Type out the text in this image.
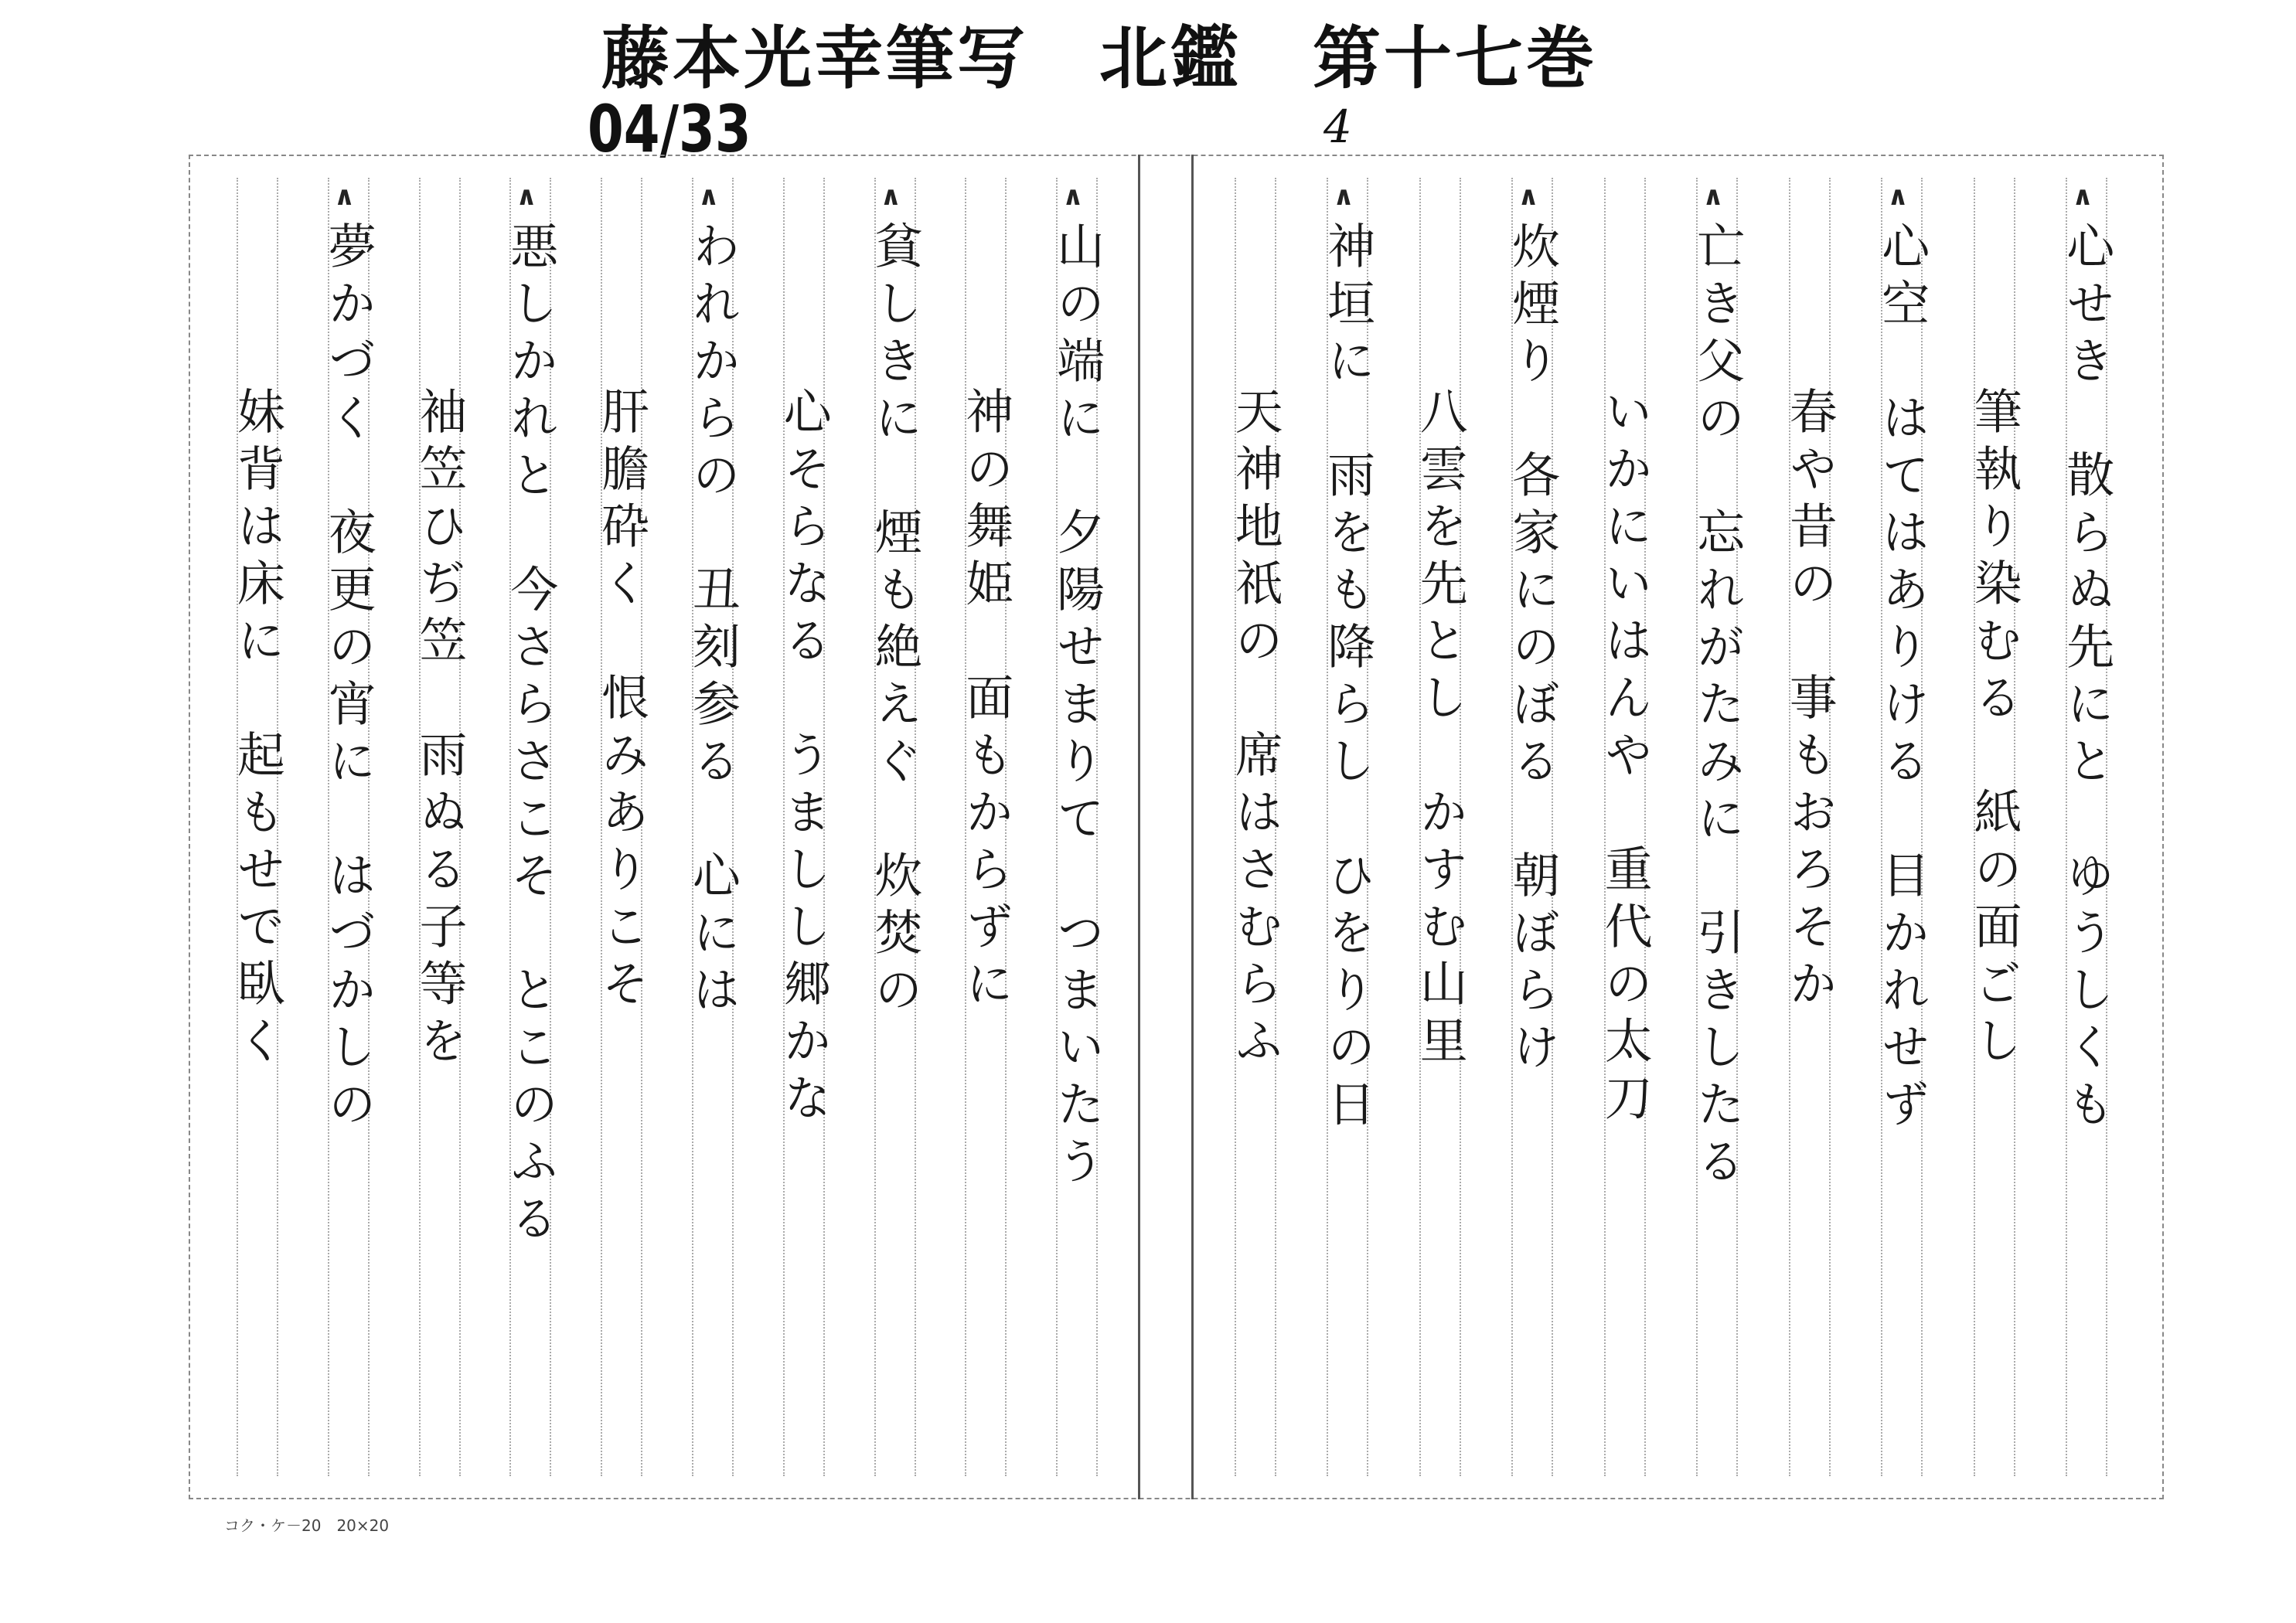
藤本光幸筆写　北鑑　第十七巻
04/33	4
∧
心せき　散らぬ先にと　ゆうしくも
筆執り染むる　紙の面ごし
∧
心空　はてはありける　目かれせず
春や昔の　事もおろそか
∧
亡き父の　忘れがたみに　引きしたる
いかにいはんや　重代の太刀
∧
炊煙り　各家にのぼる　朝ぼらけ
八雲を先とし　かすむ山里
∧
神垣に　雨をも降らし　ひをりの日
天神地祇の　席はさむらふ
∧
山の端に　夕陽せまりて　つまいたう
神の舞姫　面もからずに
∧
貧しきに　煙も絶えぐ　炊焚の
心そらなる　うましし郷かな
∧
われからの　丑刻参る　心には
肝膽砕く　恨みありこそ
∧
悪しかれと　今さらさこそ　とこのふる
袖笠ひぢ笠　雨ぬる子等を
∧
夢かづく　夜更の宵に　はづかしの
妹背は床に　起もせで臥く
コク・ケ－20　20×20
